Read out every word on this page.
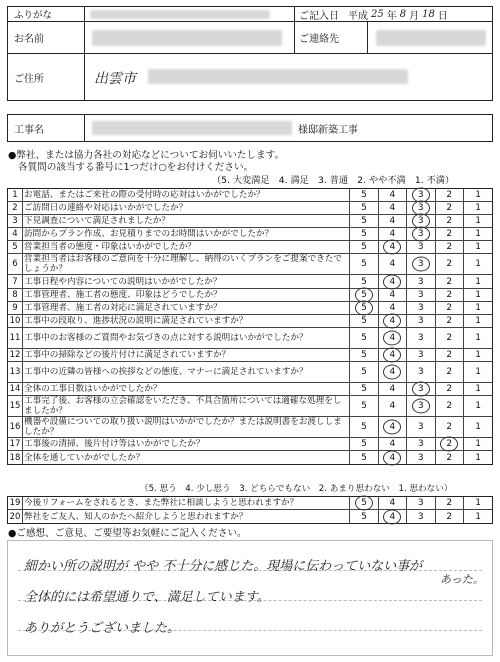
ふりがな	ご記入日 平成 25 年 8 月 18 日
お名前	ご連絡先
ご住所	出雲市
工事名	様邸新築工事
●弊社、または協力各社の対応などについてお伺いいたします。
各質問の該当する番号に1つだけ○をお付けください。
（5. 大変満足　4. 満足　3. 普通　2. やや不満　1. 不満）
1 お電話、またはご来社の際の受付時の応対はいかがでしたか？	5	4	3	2	1
2 ご訪問日の連絡や対応はいかがでしたか？	5	4	3	2	1
3 下見調査について満足されましたか？	5	4	3	2	1
4 訪問からプラン作成、お見積りまでのお時間はいかがでしたか？	5	4	3	2	1
5 営業担当者の態度・印象はいかがでしたか？	5	4	3	2	1
6 営業担当者はお客様のご意向を十分に理解し、納得のいくプランをご提案できたでしょうか？	5	4	3	2	1
7 工事日程や内容についての説明はいかがでしたか？	5	4	3	2	1
8 工事管理者、施工者の態度、印象はどうでしたか？	5	4	3	2	1
9 工事管理者、施工者の対応に満足されていますか？	5	4	3	2	1
10 工事中の段取り、進捗状況の説明に満足されていますか？	5	4	3	2	1
11 工事中のお客様のご質問やお気づきの点に対する説明はいかがでしたか？	5	4	3	2	1
12 工事中の掃除などの後片付けに満足されていますか？	5	4	3	2	1
13 工事中の近隣の皆様への挨拶などの態度、マナーに満足されていますか？	5	4	3	2	1
14 全体の工事日数はいかがでしたか？	5	4	3	2	1
15 工事完了後、お客様の立会確認をいただき、不具合箇所については適確な処理をしましたか？	5	4	3	2	1
16 機器や設備についての取り扱い説明はいかがでしたか？または説明書をお渡ししましたか？	5	4	3	2	1
17 工事後の清掃、後片付け等はいかがでしたか？	5	4	3	2	1
18 全体を通していかがでしたか？	5	4	3	2	1
（5. 思う　4. 少し思う　3. どちらでもない　2. あまり思わない　1. 思わない）
19 今後リフォームをされるとき、また弊社に相談しようと思われますか？	5	4	3	2	1
20 弊社をご友人、知人のかたへ紹介しようと思われますか？	5	4	3	2	1
●ご感想、ご意見、ご要望等お気軽にご記入ください。
細かい所の説明が やや 不十分に感じた。現場に伝わっていない事が
あった。
全体的には希望通りで、満足しています。
ありがとうございました。
